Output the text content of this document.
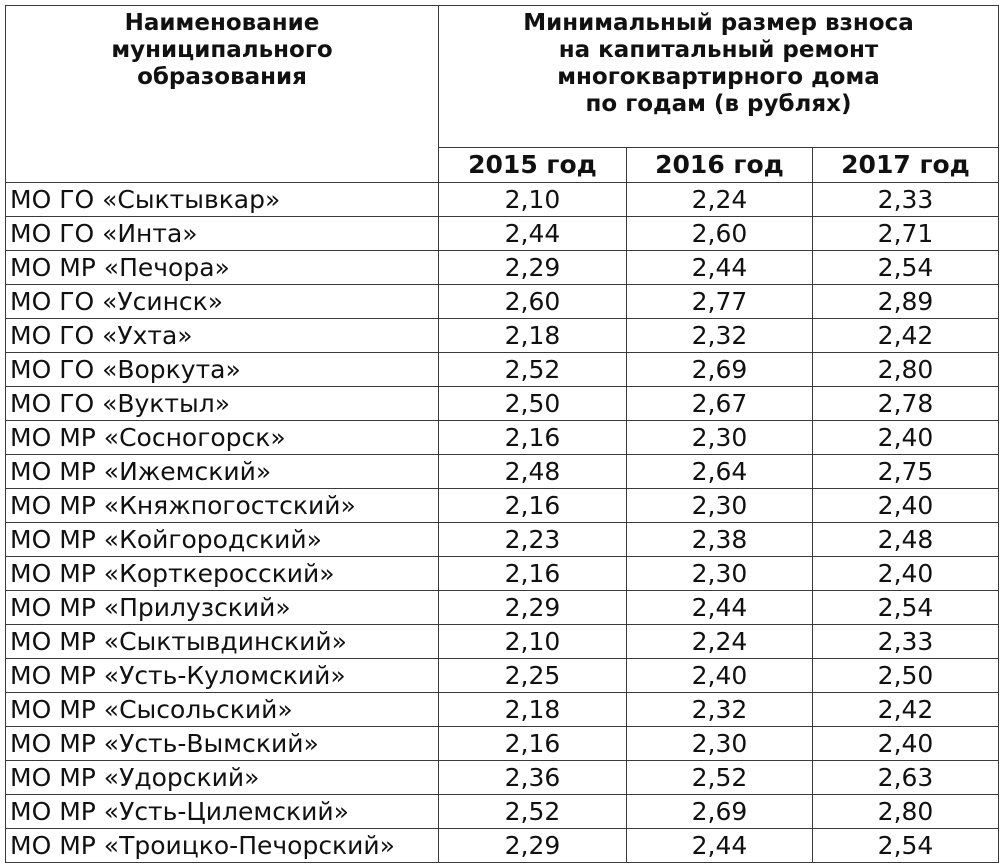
Наименование
муниципального
образования	Минимальный размер взноса
на капитальный ремонт
многоквартирного дома
по годам (в рублях)		

	2015 год	2016 год	2017 год
МО ГО «Сыктывкар»	2,10	2,24	2,33
МО ГО «Инта»	2,44	2,60	2,71
МО МР «Печора»	2,29	2,44	2,54
МО ГО «Усинск»	2,60	2,77	2,89
МО ГО «Ухта»	2,18	2,32	2,42
МО ГО «Воркута»	2,52	2,69	2,80
МО ГО «Вуктыл»	2,50	2,67	2,78
МО МР «Сосногорск»	2,16	2,30	2,40
МО МР «Ижемский»	2,48	2,64	2,75
МО МР «Княжпогостский»	2,16	2,30	2,40
МО МР «Койгородский»	2,23	2,38	2,48
МО МР «Корткеросский»	2,16	2,30	2,40
МО МР «Прилузский»	2,29	2,44	2,54
МО МР «Сыктывдинский»	2,10	2,24	2,33
МО МР «Усть-Куломский»	2,25	2,40	2,50
МО МР «Сысольский»	2,18	2,32	2,42
МО МР «Усть-Вымский»	2,16	2,30	2,40
МО МР «Удорский»	2,36	2,52	2,63
МО МР «Усть-Цилемский»	2,52	2,69	2,80
МО МР «Троицко-Печорский»	2,29	2,44	2,54
